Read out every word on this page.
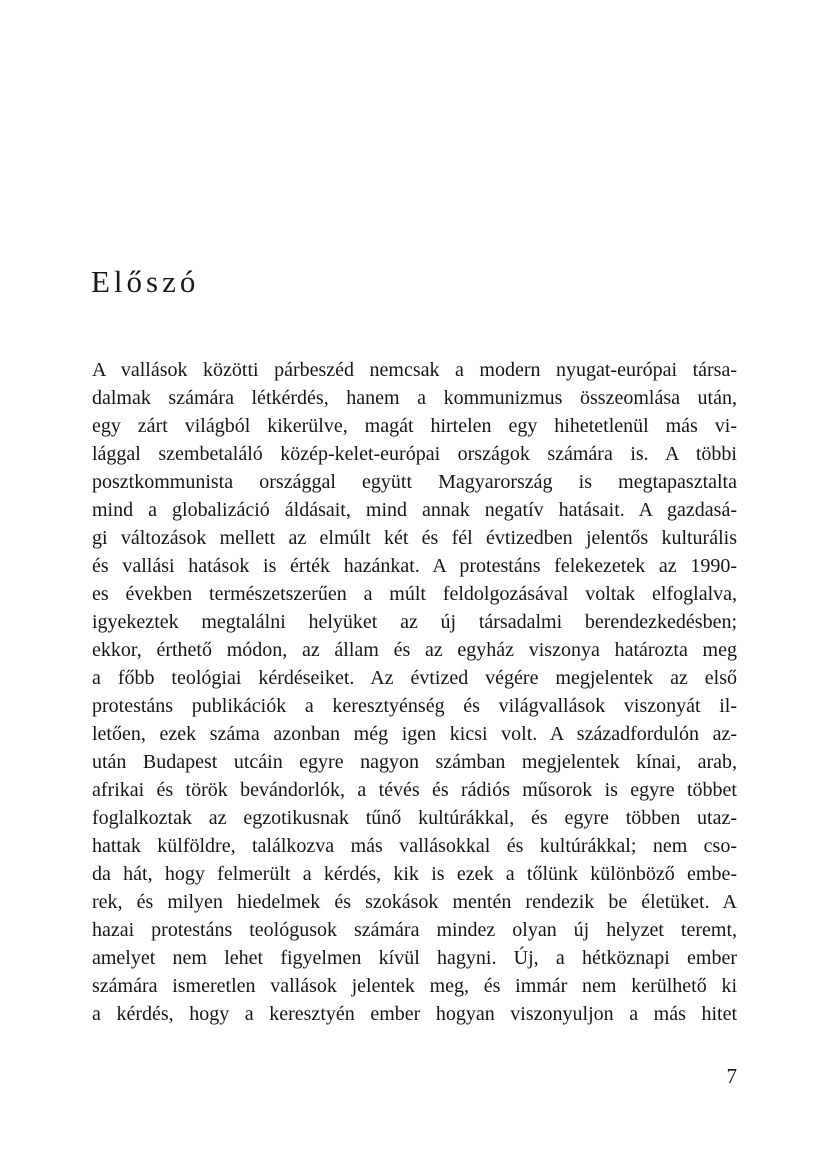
Előszó
A vallások közötti párbeszéd nemcsak a modern nyugat-európai társa-
dalmak számára létkérdés, hanem a kommunizmus összeomlása után,
egy zárt világból kikerülve, magát hirtelen egy hihetetlenül más vi-
lággal szembetaláló közép-kelet-európai országok számára is. A többi
posztkommunista országgal együtt Magyarország is megtapasztalta
mind a globalizáció áldásait, mind annak negatív hatásait. A gazdasá-
gi változások mellett az elmúlt két és fél évtizedben jelentős kulturális
és vallási hatások is érték hazánkat. A protestáns felekezetek az 1990-
es években természetszerűen a múlt feldolgozásával voltak elfoglalva,
igyekeztek megtalálni helyüket az új társadalmi berendezkedésben;
ekkor, érthető módon, az állam és az egyház viszonya határozta meg
a főbb teológiai kérdéseiket. Az évtized végére megjelentek az első
protestáns publikációk a keresztyénség és világvallások viszonyát il-
letően, ezek száma azonban még igen kicsi volt. A századfordulón az-
után Budapest utcáin egyre nagyon számban megjelentek kínai, arab,
afrikai és török bevándorlók, a tévés és rádiós műsorok is egyre többet
foglalkoztak az egzotikusnak tűnő kultúrákkal, és egyre többen utaz-
hattak külföldre, találkozva más vallásokkal és kultúrákkal; nem cso-
da hát, hogy felmerült a kérdés, kik is ezek a tőlünk különböző embe-
rek, és milyen hiedelmek és szokások mentén rendezik be életüket. A
hazai protestáns teológusok számára mindez olyan új helyzet teremt,
amelyet nem lehet figyelmen kívül hagyni. Új, a hétköznapi ember
számára ismeretlen vallások jelentek meg, és immár nem kerülhető ki
a kérdés, hogy a keresztyén ember hogyan viszonyuljon a más hitet
7
